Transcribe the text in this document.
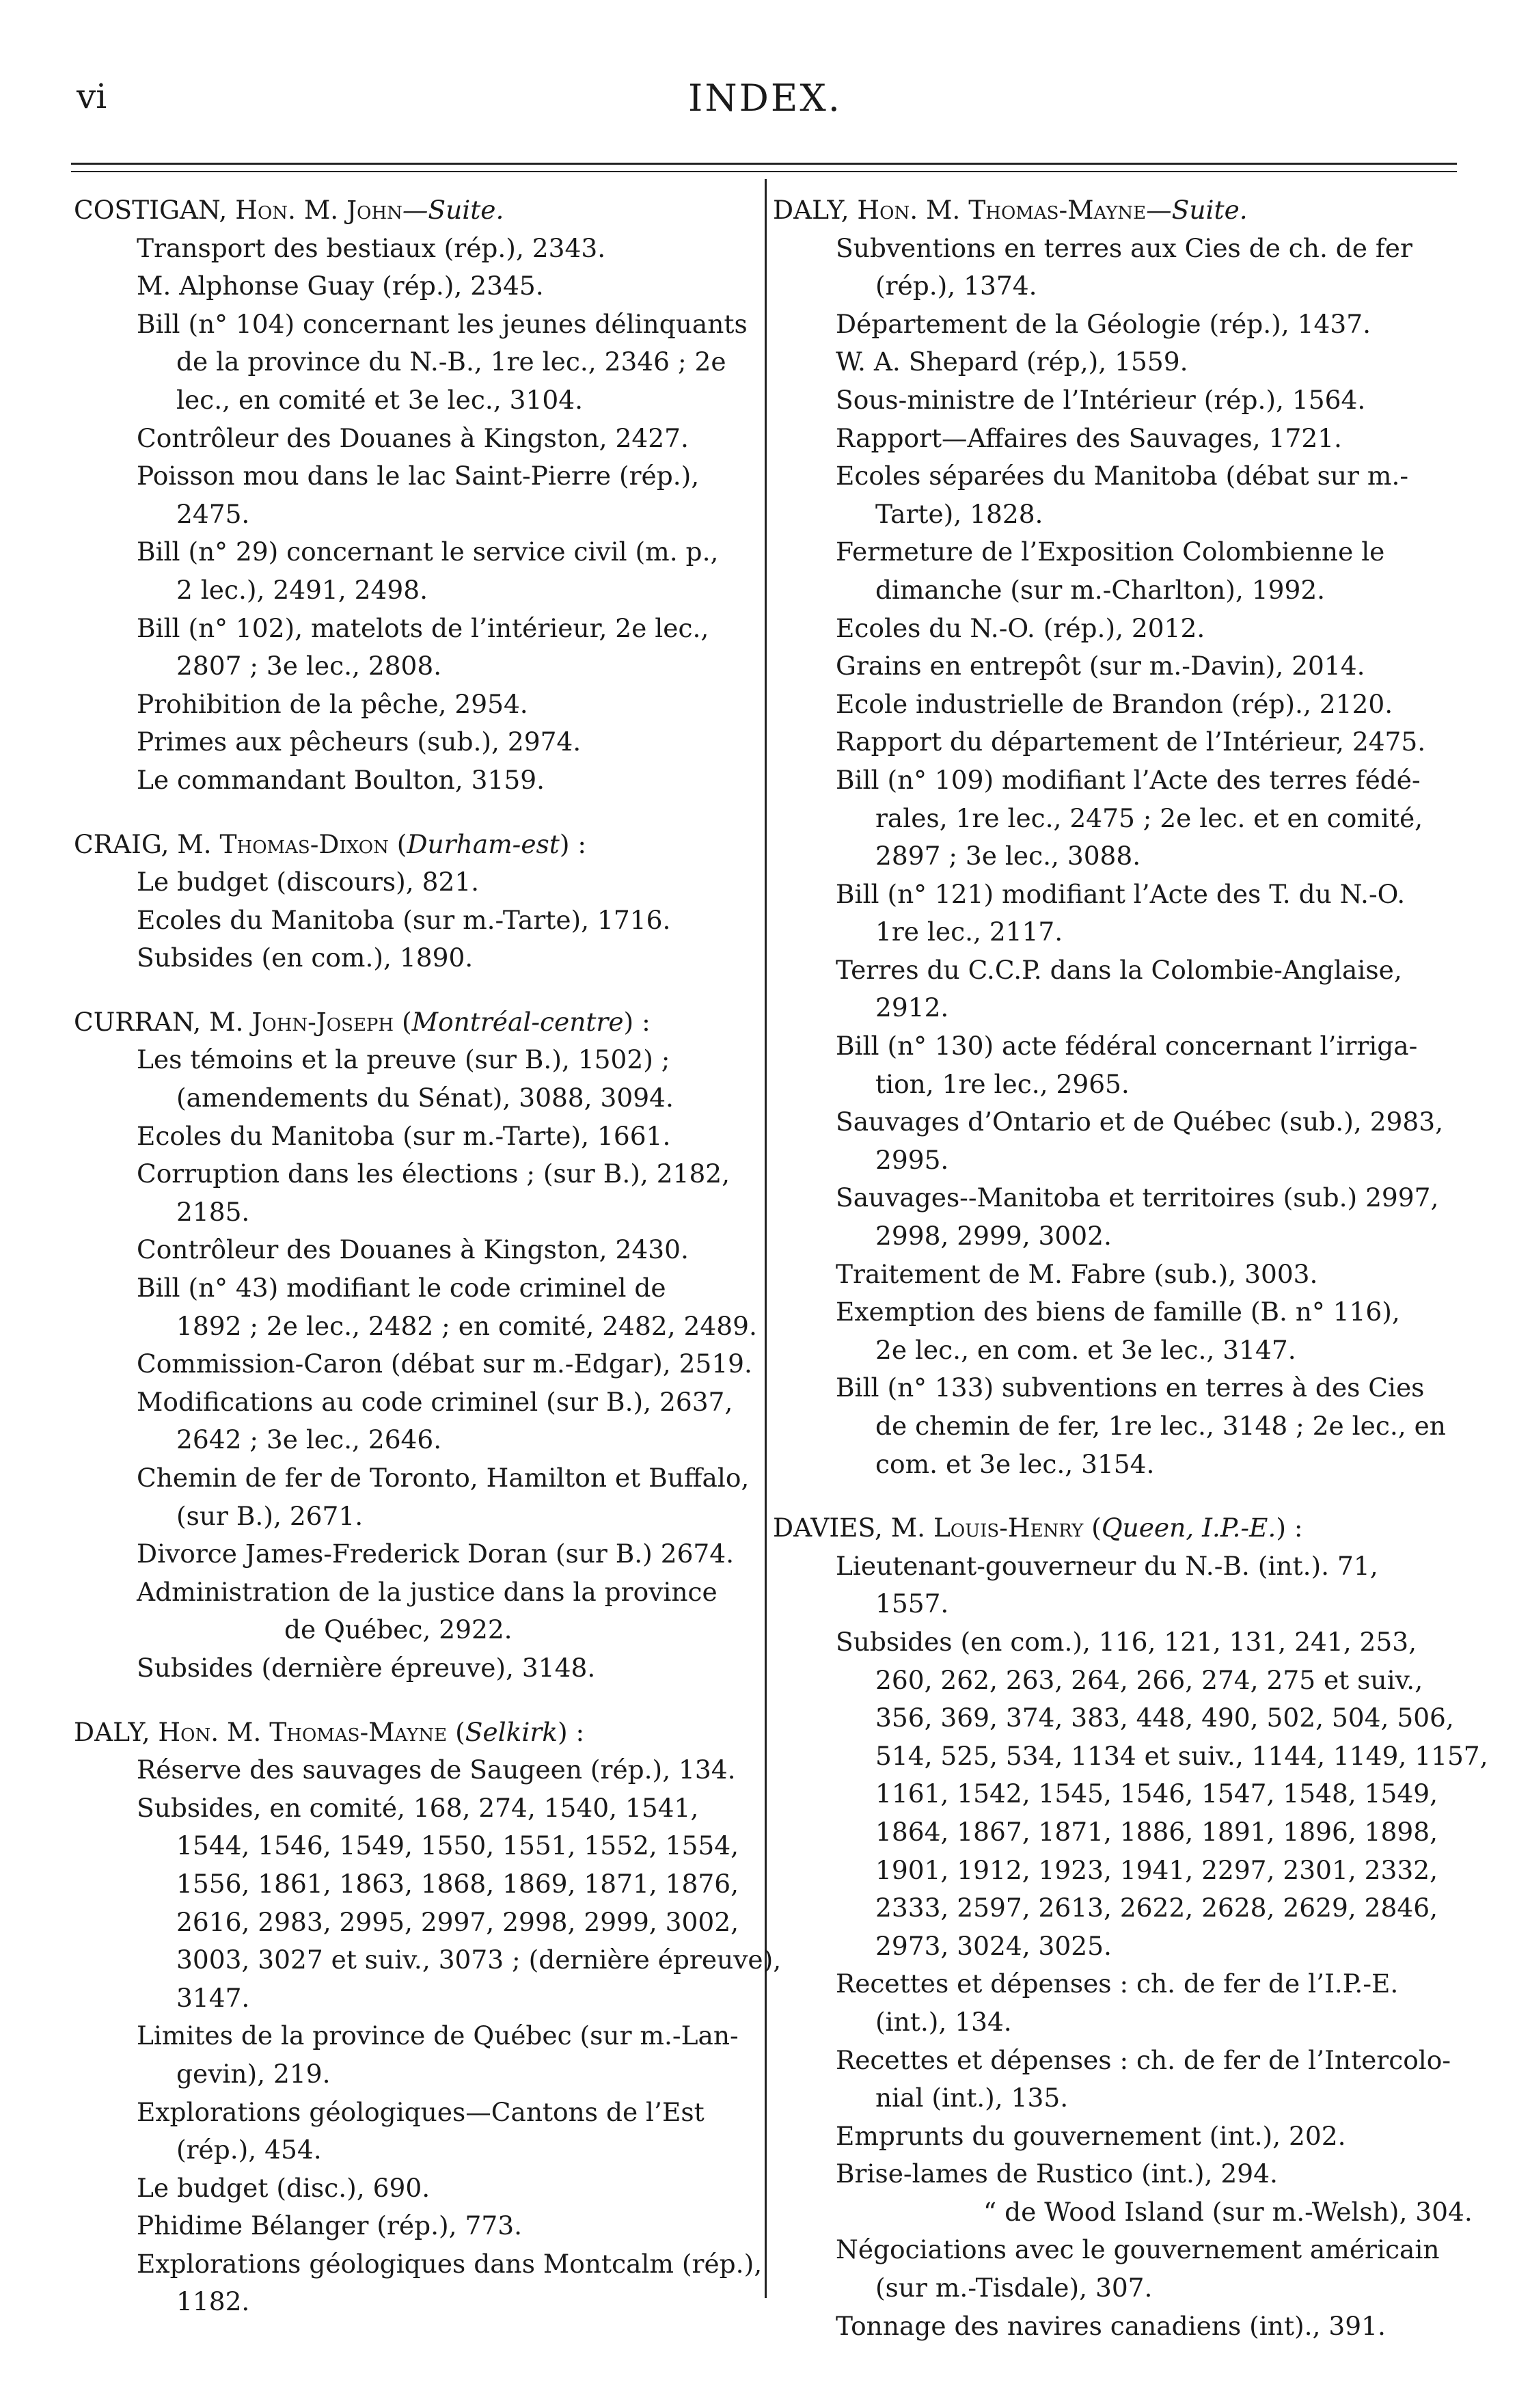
vi	INDEX.
COSTIGAN, Hon. M. John—Suite.
Transport des bestiaux (rép.), 2343.
M. Alphonse Guay (rép.), 2345.
Bill (n° 104) concernant les jeunes délinquants
de la province du N.-B., 1re lec., 2346 ; 2e
lec., en comité et 3e lec., 3104.
Contrôleur des Douanes à Kingston, 2427.
Poisson mou dans le lac Saint-Pierre (rép.),
2475.
Bill (n° 29) concernant le service civil (m. p.,
2 lec.), 2491, 2498.
Bill (n° 102), matelots de l’intérieur, 2e lec.,
2807 ; 3e lec., 2808.
Prohibition de la pêche, 2954.
Primes aux pêcheurs (sub.), 2974.
Le commandant Boulton, 3159.
CRAIG, M. Thomas-Dixon (Durham-est) :
Le budget (discours), 821.
Ecoles du Manitoba (sur m.-Tarte), 1716.
Subsides (en com.), 1890.
CURRAN, M. John-Joseph (Montréal-centre) :
Les témoins et la preuve (sur B.), 1502) ;
(amendements du Sénat), 3088, 3094.
Ecoles du Manitoba (sur m.-Tarte), 1661.
Corruption dans les élections ; (sur B.), 2182,
2185.
Contrôleur des Douanes à Kingston, 2430.
Bill (n° 43) modifiant le code criminel de
1892 ; 2e lec., 2482 ; en comité, 2482, 2489.
Commission-Caron (débat sur m.-Edgar), 2519.
Modifications au code criminel (sur B.), 2637,
2642 ; 3e lec., 2646.
Chemin de fer de Toronto, Hamilton et Buffalo,
(sur B.), 2671.
Divorce James-Frederick Doran (sur B.) 2674.
Administration de la justice dans la province
de Québec, 2922.
Subsides (dernière épreuve), 3148.
DALY, Hon. M. Thomas-Mayne (Selkirk) :
Réserve des sauvages de Saugeen (rép.), 134.
Subsides, en comité, 168, 274, 1540, 1541,
1544, 1546, 1549, 1550, 1551, 1552, 1554,
1556, 1861, 1863, 1868, 1869, 1871, 1876,
2616, 2983, 2995, 2997, 2998, 2999, 3002,
3003, 3027 et suiv., 3073 ; (dernière épreuve),
3147.
Limites de la province de Québec (sur m.-Lan-
gevin), 219.
Explorations géologiques—Cantons de l’Est
(rép.), 454.
Le budget (disc.), 690.
Phidime Bélanger (rép.), 773.
Explorations géologiques dans Montcalm (rép.),
1182.
DALY, Hon. M. Thomas-Mayne—Suite.
Subventions en terres aux Cies de ch. de fer
(rép.), 1374.
Département de la Géologie (rép.), 1437.
W. A. Shepard (rép,), 1559.
Sous-ministre de l’Intérieur (rép.), 1564.
Rapport—Affaires des Sauvages, 1721.
Ecoles séparées du Manitoba (débat sur m.-
Tarte), 1828.
Fermeture de l’Exposition Colombienne le
dimanche (sur m.-Charlton), 1992.
Ecoles du N.-O. (rép.), 2012.
Grains en entrepôt (sur m.-Davin), 2014.
Ecole industrielle de Brandon (rép)., 2120.
Rapport du département de l’Intérieur, 2475.
Bill (n° 109) modifiant l’Acte des terres fédé-
rales, 1re lec., 2475 ; 2e lec. et en comité,
2897 ; 3e lec., 3088.
Bill (n° 121) modifiant l’Acte des T. du N.-O.
1re lec., 2117.
Terres du C.C.P. dans la Colombie-Anglaise,
2912.
Bill (n° 130) acte fédéral concernant l’irriga-
tion, 1re lec., 2965.
Sauvages d’Ontario et de Québec (sub.), 2983,
2995.
Sauvages--Manitoba et territoires (sub.) 2997,
2998, 2999, 3002.
Traitement de M. Fabre (sub.), 3003.
Exemption des biens de famille (B. n° 116),
2e lec., en com. et 3e lec., 3147.
Bill (n° 133) subventions en terres à des Cies
de chemin de fer, 1re lec., 3148 ; 2e lec., en
com. et 3e lec., 3154.
DAVIES, M. Louis-Henry (Queen, I.P.-E.) :
Lieutenant-gouverneur du N.-B. (int.). 71,
1557.
Subsides (en com.), 116, 121, 131, 241, 253,
260, 262, 263, 264, 266, 274, 275 et suiv.,
356, 369, 374, 383, 448, 490, 502, 504, 506,
514, 525, 534, 1134 et suiv., 1144, 1149, 1157,
1161, 1542, 1545, 1546, 1547, 1548, 1549,
1864, 1867, 1871, 1886, 1891, 1896, 1898,
1901, 1912, 1923, 1941, 2297, 2301, 2332,
2333, 2597, 2613, 2622, 2628, 2629, 2846,
2973, 3024, 3025.
Recettes et dépenses : ch. de fer de l’I.P.-E.
(int.), 134.
Recettes et dépenses : ch. de fer de l’Intercolo-
nial (int.), 135.
Emprunts du gouvernement (int.), 202.
Brise-lames de Rustico (int.), 294.
“ de Wood Island (sur m.-Welsh), 304.
Négociations avec le gouvernement américain
(sur m.-Tisdale), 307.
Tonnage des navires canadiens (int)., 391.
